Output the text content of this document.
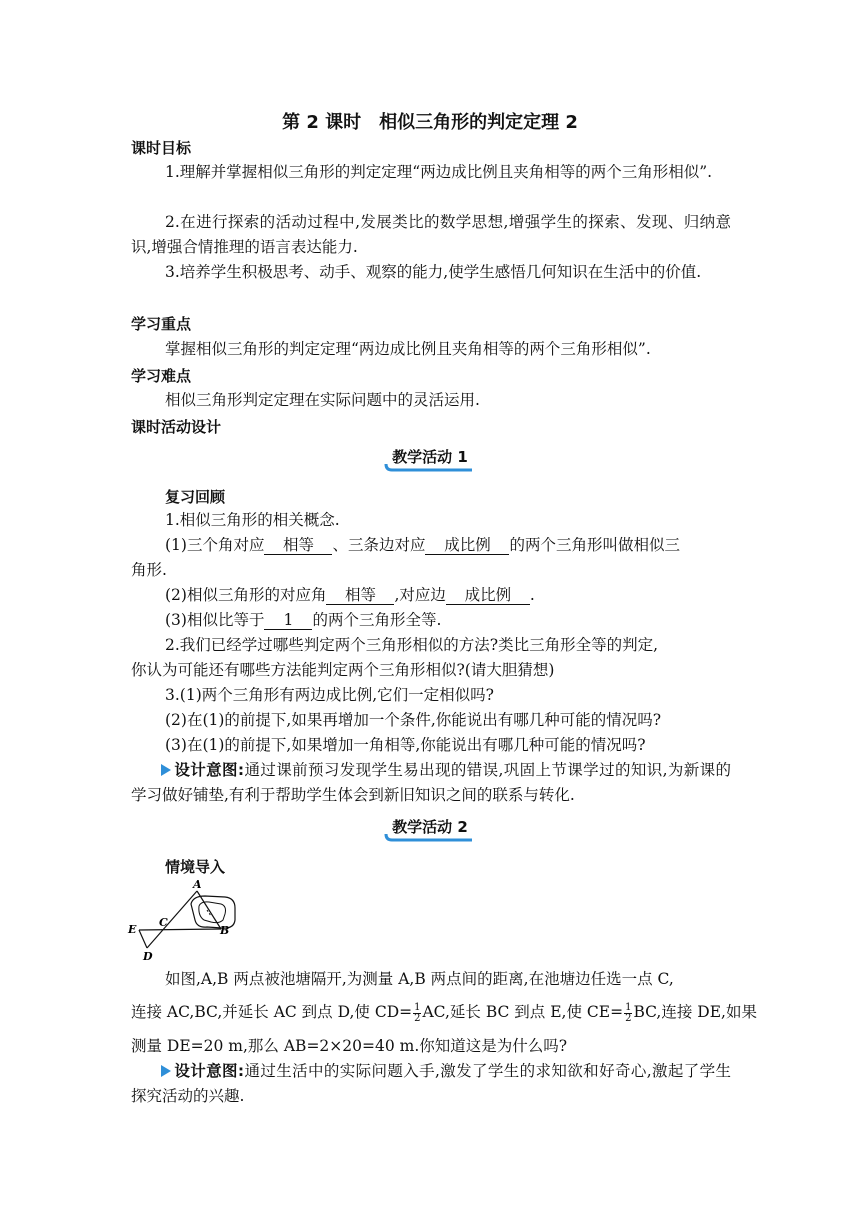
第 2 课时　相似三角形的判定定理 2
课时目标
1.理解并掌握相似三角形的判定定理“两边成比例且夹角相等的两个三角形相似”.
2.在进行探索的活动过程中,发展类比的数学思想,增强学生的探索、发现、归纳意识,增强合情推理的语言表达能力.
3.培养学生积极思考、动手、观察的能力,使学生感悟几何知识在生活中的价值.
学习重点
掌握相似三角形的判定定理“两边成比例且夹角相等的两个三角形相似”.
学习难点
相似三角形判定定理在实际问题中的灵活运用.
课时活动设计
教学活动 1
复习回顾
1.相似三角形的相关概念.
(1)三个角对应 相等 、三条边对应 成比例 的两个三角形叫做相似三
角形.
(2)相似三角形的对应角 相等 ,对应边 成比例 .
(3)相似比等于 1 的两个三角形全等.
2.我们已经学过哪些判定两个三角形相似的方法?类比三角形全等的判定,
你认为可能还有哪些方法能判定两个三角形相似?(请大胆猜想)
3.(1)两个三角形有两边成比例,它们一定相似吗?
(2)在(1)的前提下,如果再增加一个条件,你能说出有哪几种可能的情况吗?
(3)在(1)的前提下,如果增加一角相等,你能说出有哪几种可能的情况吗?
设计意图:通过课前预习发现学生易出现的错误,巩固上节课学过的知识,为新课的学习做好铺垫,有利于帮助学生体会到新旧知识之间的联系与转化.
教学活动 2
情境导入
A
B
C
D
E
如图,A,B 两点被池塘隔开,为测量 A,B 两点间的距离,在池塘边任选一点 C,
连接 AC,BC,并延长 AC 到点 D,使 $CD= \frac{1}{2}$ AC,延长 BC 到点 E,使 $CE= \frac{1}{2}$ BC,连接 DE,如果
测量 DE=20 m,那么 AB=2×20=40 m.你知道这是为什么吗?
设计意图:通过生活中的实际问题入手,激发了学生的求知欲和好奇心,激起了学生探究活动的兴趣.
